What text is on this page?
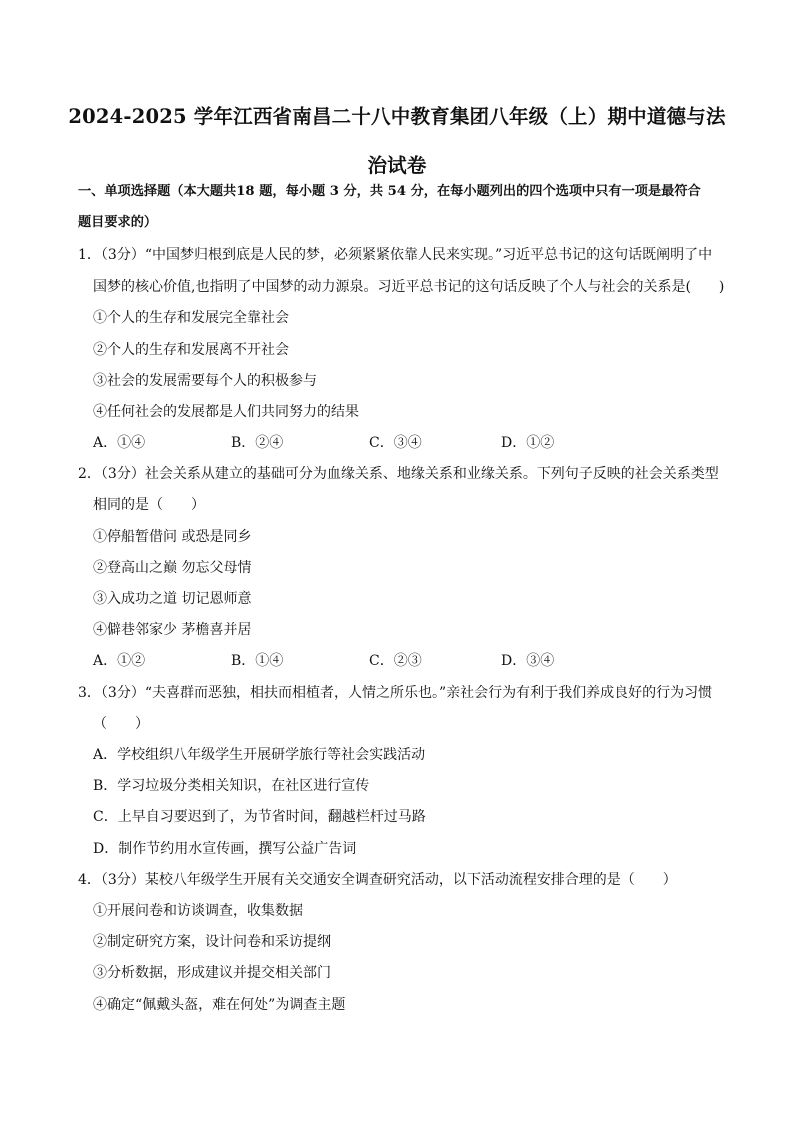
2024-2025 学年江西省南昌二十八中教育集团八年级（上）期中道德与法治试卷
一、单项选择题（本大题共18 题，每小题 3 分，共 54 分，在每小题列出的四个选项中只有一项是最符合
题目要求的）
1．（3分）“中国梦归根到底是人民的梦，必须紧紧依靠人民来实现。”习近平总书记的这句话既阐明了中
国梦的核心价值,也指明了中国梦的动力源泉。习近平总书记的这句话反映了个人与社会的关系是(　　)
①个人的生存和发展完全靠社会
②个人的生存和发展离不开社会
③社会的发展需要每个人的积极参与
④任何社会的发展都是人们共同努力的结果
A．①④	B．②④	C．③④	D．①②
2．（3分）社会关系从建立的基础可分为血缘关系、地缘关系和业缘关系。下列句子反映的社会关系类型
相同的是（　　）
①停船暂借问 或恐是同乡
②登高山之巅 勿忘父母情
③入成功之道 切记恩师意
④僻巷邻家少 茅檐喜并居
A．①②	B．①④	C．②③	D．③④
3．（3分）“夫喜群而恶独，相扶而相植者，人情之所乐也。”亲社会行为有利于我们养成良好的行为习惯
（　　）
A．学校组织八年级学生开展研学旅行等社会实践活动
B．学习垃圾分类相关知识，在社区进行宣传
C．上早自习要迟到了，为节省时间，翻越栏杆过马路
D．制作节约用水宣传画，撰写公益广告词
4．（3分）某校八年级学生开展有关交通安全调查研究活动，以下活动流程安排合理的是（　　）
①开展问卷和访谈调查，收集数据
②制定研究方案，设计问卷和采访提纲
③分析数据，形成建议并提交相关部门
④确定“佩戴头盔，难在何处”为调查主题
